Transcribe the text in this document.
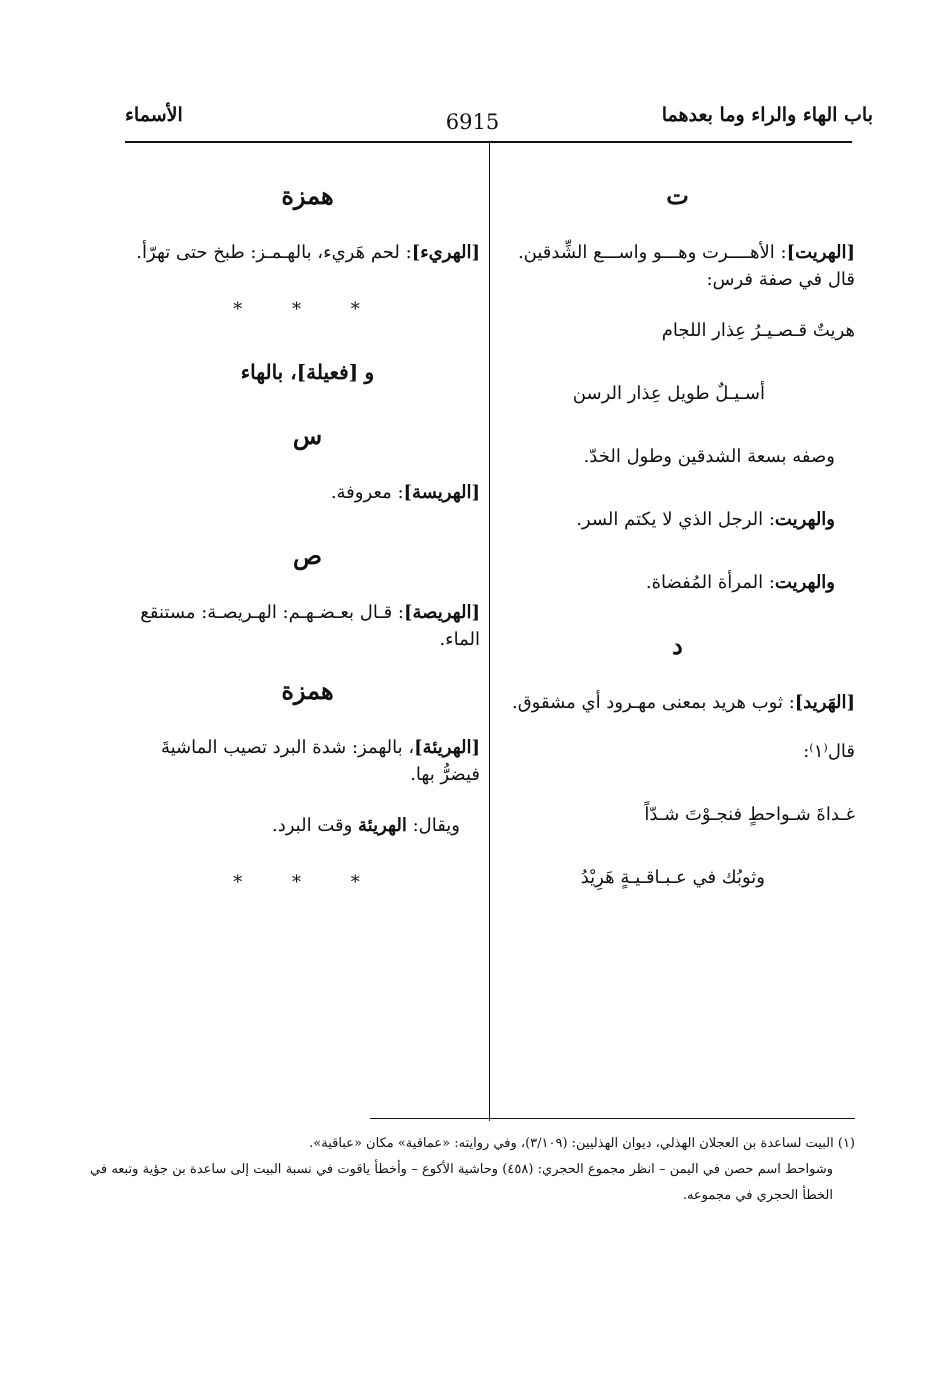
باب الهاء والراء وما بعدهما
6915
الأسماء

ت

[الهريت]: الأهــــرت وهـــو واســـع الشِّدقين. قال في صفة فرس:

هريتٌ قـصـيـرُ عِذار اللجام

أسـيـلٌ طويل عِذار الرسن

وصفه بسعة الشدقين وطول الخدّ.

والهريت: الرجل الذي لا يكتم السر.

والهريت: المرأة المُفضاة.

د

[الهَريد]: ثوب هريد بمعنى مهـرود أي مشقوق.

قال⁽١⁾:

غـداةَ شـواحطٍ فنجـوْتَ شـدّاً

وثوبُك في عـبـاقـيـةٍ هَرِيْدُ

همزة

[الهريء]: لحم هَريء، بالهـمـز: طبخ حتى تهرّأ.

* * *

و [فعيلة]، بالهاء

س

[الهريسة]: معروفة.

ص

[الهريصة]: قـال بعـضـهـم: الهـريصـة: مستنقع الماء.

همزة

[الهريئة]، بالهمز: شدة البرد تصيب الماشيةَ فيضرُّ بها.

ويقال: الهريئة وقت البرد.

* * *

(١) البيت لساعدة بن العجلان الهذلي، ديوان الهذليين: (٣/١٠٩)، وفي روايته: «عماقية» مكان «عباقية».

وشواحط اسم حصن في اليمن – انظر مجموع الحجري: (٤٥٨) وحاشية الأكوع – وأخطأ ياقوت في نسبة البيت إلى ساعدة بن جؤية وتبعه في الخطأ الحجري في مجموعه.
